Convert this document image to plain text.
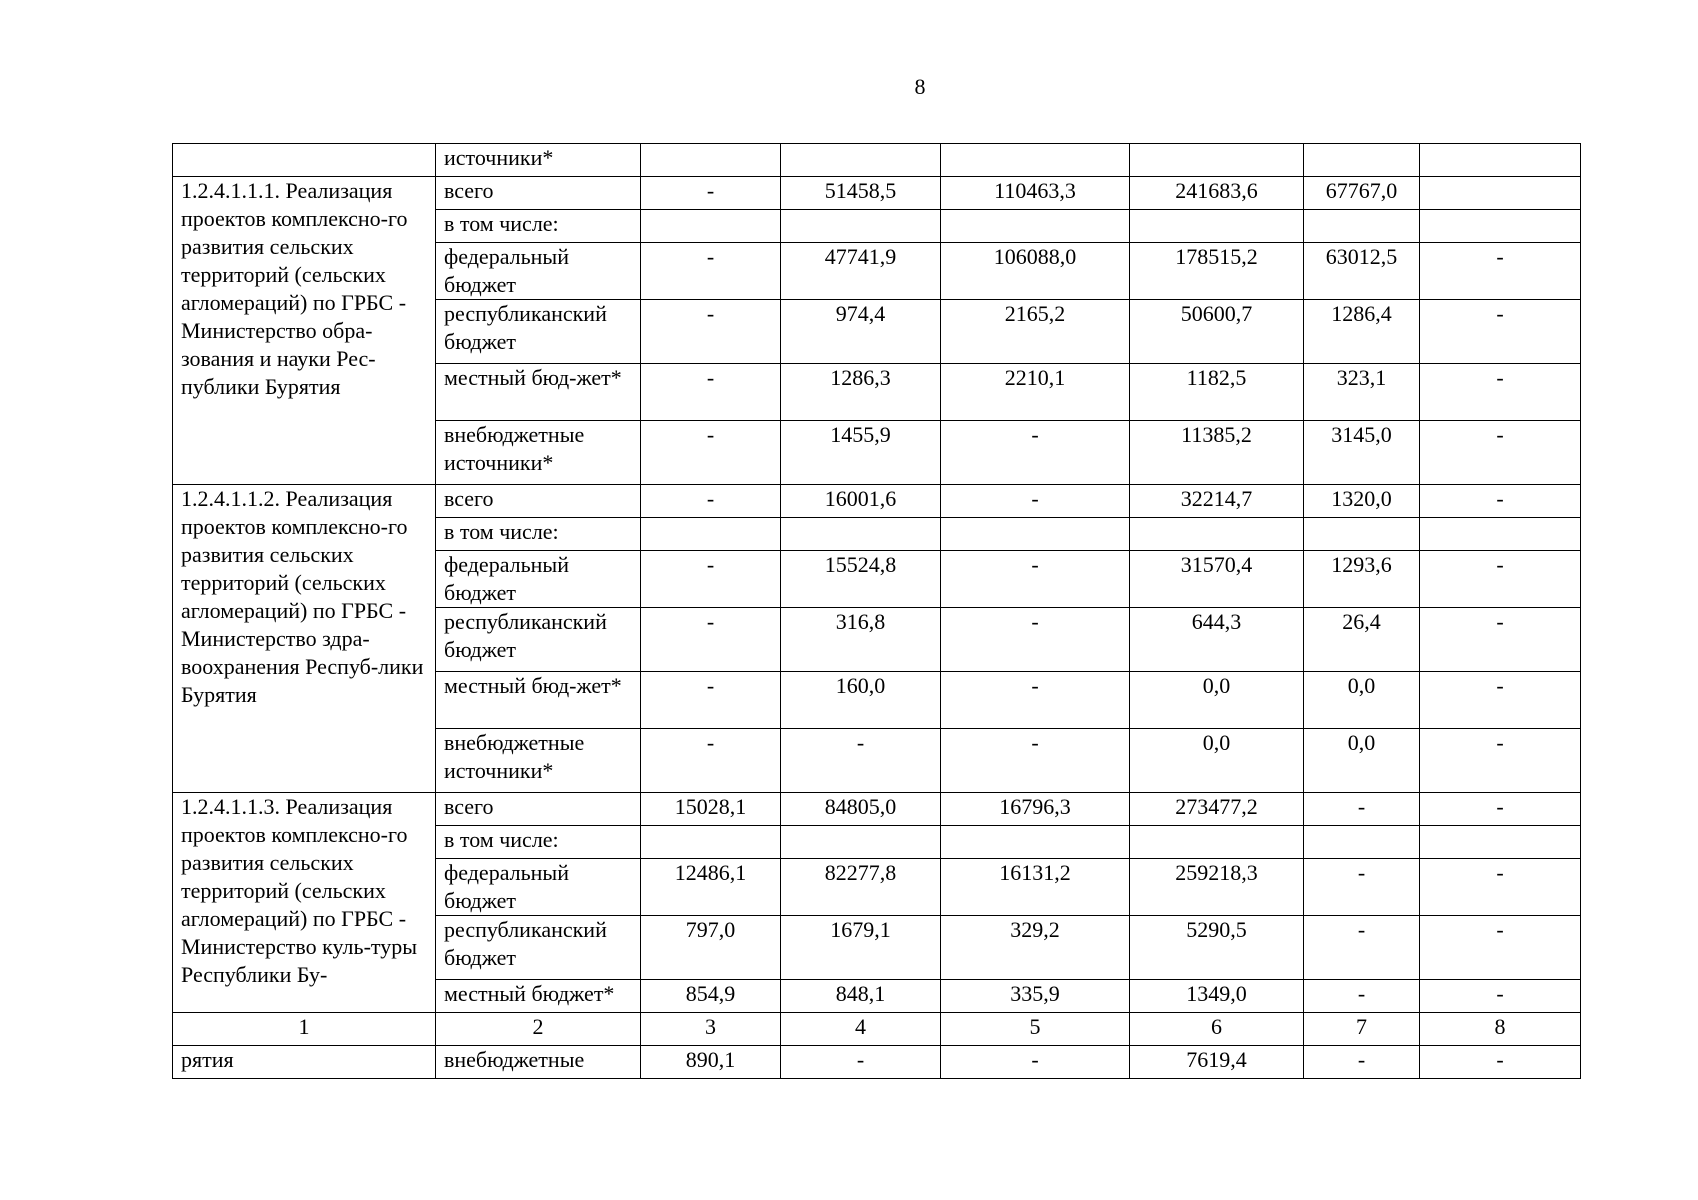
8
	источники*						
1.2.4.1.1.1. Реализация проектов комплексно-го развития сельских территорий (сельских агломераций) по ГРБС - Министерство обра-зования и науки Рес-публики Бурятия	всего	-	51458,5	110463,3	241683,6	67767,0	
	в том числе:						
	федеральный бюджет	-	47741,9	106088,0	178515,2	63012,5	-
	республиканский бюджет	-	974,4	2165,2	50600,7	1286,4	-
	местный бюд-жет*	-	1286,3	2210,1	1182,5	323,1	-
	внебюджетные источники*	-	1455,9	-	11385,2	3145,0	-
1.2.4.1.1.2. Реализация проектов комплексно-го развития сельских территорий (сельских агломераций) по ГРБС - Министерство здра-воохранения Респуб-лики Бурятия	всего	-	16001,6	-	32214,7	1320,0	-
	в том числе:						
	федеральный бюджет	-	15524,8	-	31570,4	1293,6	-
	республиканский бюджет	-	316,8	-	644,3	26,4	-
	местный бюд-жет*	-	160,0	-	0,0	0,0	-
	внебюджетные источники*	-	-	-	0,0	0,0	-
1.2.4.1.1.3. Реализация проектов комплексно-го развития сельских территорий (сельских агломераций) по ГРБС - Министерство куль-туры Республики Бу-	всего	15028,1	84805,0	16796,3	273477,2	-	-
	в том числе:						
	федеральный бюджет	12486,1	82277,8	16131,2	259218,3	-	-
	республиканский бюджет	797,0	1679,1	329,2	5290,5	-	-
	местный бюджет*	854,9	848,1	335,9	1349,0	-	-
1	2	3	4	5	6	7	8
рятия	внебюджетные	890,1	-	-	7619,4	-	-
